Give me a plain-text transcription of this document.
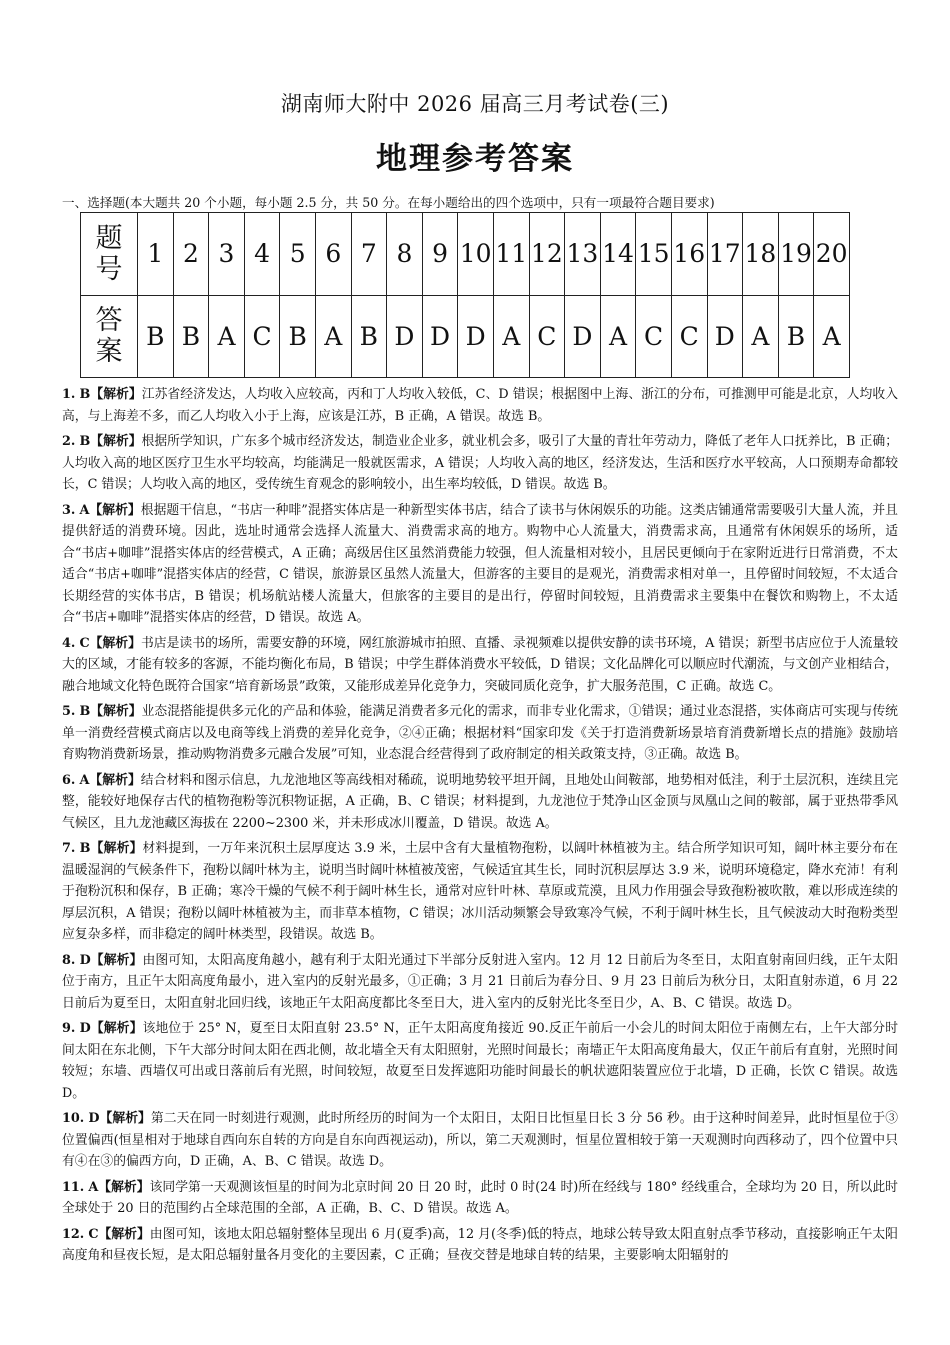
湖南师大附中 2026 届高三月考试卷(三)
地理参考答案
一、选择题(本大题共 20 个小题，每小题 2.5 分，共 50 分。在每小题给出的四个选项中，只有一项最符合题目要求)
题
号	1	2	3	4	5	6	7	8	9	10	11	12	13	14	15	16	17	18	19	20

答
案	B	B	A	C	B	A	B	D	D	D	A	C	D	A	C	C	D	A	B	A
1. B【解析】江苏省经济发达，人均收入应较高，丙和丁人均收入较低，C、D 错误；根据图中上海、浙江的分布，可推测甲可能是北京，人均收入高，与上海差不多，而乙人均收入小于上海，应该是江苏，B 正确，A 错误。故选 B。
2. B【解析】根据所学知识，广东多个城市经济发达，制造业企业多，就业机会多，吸引了大量的青壮年劳动力，降低了老年人口抚养比，B 正确；人均收入高的地区医疗卫生水平均较高，均能满足一般就医需求，A 错误；人均收入高的地区，经济发达，生活和医疗水平较高，人口预期寿命都较长，C 错误；人均收入高的地区，受传统生育观念的影响较小，出生率均较低，D 错误。故选 B。
3. A【解析】根据题干信息，“书店一种啡”混搭实体店是一种新型实体书店，结合了读书与休闲娱乐的功能。这类店铺通常需要吸引大量人流，并且提供舒适的消费环境。因此，选址时通常会选择人流量大、消费需求高的地方。购物中心人流量大，消费需求高，且通常有休闲娱乐的场所，适合“书店+咖啡”混搭实体店的经营模式，A 正确；高级居住区虽然消费能力较强，但人流量相对较小，且居民更倾向于在家附近进行日常消费，不太适合“书店+咖啡”混搭实体店的经营，C 错误，旅游景区虽然人流量大，但游客的主要目的是观光，消费需求相对单一，且停留时间较短，不太适合长期经营的实体书店，B 错误；机场航站楼人流量大，但旅客的主要目的是出行，停留时间较短，且消费需求主要集中在餐饮和购物上，不太适合“书店+咖啡”混搭实体店的经营，D 错误。故选 A。
4. C【解析】书店是读书的场所，需要安静的环境，网红旅游城市拍照、直播、录视频难以提供安静的读书环境，A 错误；新型书店应位于人流量较大的区域，才能有较多的客源，不能均衡化布局，B 错误；中学生群体消费水平较低，D 错误；文化品牌化可以顺应时代潮流，与文创产业相结合，融合地域文化特色既符合国家“培育新场景”政策，又能形成差异化竞争力，突破同质化竞争，扩大服务范围，C 正确。故选 C。
5. B【解析】业态混搭能提供多元化的产品和体验，能满足消费者多元化的需求，而非专业化需求，①错误；通过业态混搭，实体商店可实现与传统单一消费经营模式商店以及电商等线上消费的差异化竞争，②④正确；根据材料“国家印发《关于打造消费新场景培育消费新增长点的措施》鼓励培育购物消费新场景，推动购物消费多元融合发展”可知，业态混合经营得到了政府制定的相关政策支持，③正确。故选 B。
6. A【解析】结合材料和图示信息，九龙池地区等高线相对稀疏，说明地势较平坦开阔，且地处山间鞍部，地势相对低洼，利于土层沉积，连续且完整，能较好地保存古代的植物孢粉等沉积物证据，A 正确，B、C 错误；材料提到，九龙池位于梵净山区金顶与凤凰山之间的鞍部，属于亚热带季风气候区，且九龙池藏区海拔在 2200~2300 米，并未形成冰川覆盖，D 错误。故选 A。
7. B【解析】材料提到，一万年来沉积土层厚度达 3.9 米，土层中含有大量植物孢粉，以阔叶林植被为主。结合所学知识可知，阔叶林主要分布在温暖湿润的气候条件下，孢粉以阔叶林为主，说明当时阔叶林植被茂密，气候适宜其生长，同时沉积层厚达 3.9 米，说明环境稳定，降水充沛！有利于孢粉沉积和保存，B 正确；寒冷干燥的气候不利于阔叶林生长，通常对应针叶林、草原或荒漠，且风力作用强会导致孢粉被吹散，难以形成连续的厚层沉积，A 错误；孢粉以阔叶林植被为主，而非草本植物，C 错误；冰川活动频繁会导致寒冷气候，不利于阔叶林生长，且气候波动大时孢粉类型应复杂多样，而非稳定的阔叶林类型，段错误。故选 B。
8. D【解析】由图可知，太阳高度角越小，越有利于太阳光通过下半部分反射进入室内。12 月 12 日前后为冬至日，太阳直射南回归线，正午太阳位于南方，且正午太阳高度角最小，进入室内的反射光最多，①正确；3 月 21 日前后为春分日、9 月 23 日前后为秋分日，太阳直射赤道，6 月 22 日前后为夏至日，太阳直射北回归线，该地正午太阳高度都比冬至日大，进入室内的反射光比冬至日少，A、B、C 错误。故选 D。
9. D【解析】该地位于 25° N，夏至日太阳直射 23.5° N，正午太阳高度角接近 90.反正午前后一小会儿的时间太阳位于南侧左右，上午大部分时间太阳在东北侧，下午大部分时间太阳在西北侧，故北墙全天有太阳照射，光照时间最长；南墙正午太阳高度角最大，仅正午前后有直射，光照时间较短；东墙、西墙仅可出或日落前后有光照，时间较短，故夏至日发挥遮阳功能时间最长的帆状遮阳装置应位于北墙，D 正确，长饮 C 错误。故选 D。
10. D【解析】第二天在同一时刻进行观测，此时所经历的时间为一个太阳日，太阳日比恒星日长 3 分 56 秒。由于这种时间差异，此时恒星位于③位置偏西(恒星相对于地球自西向东自转的方向是自东向西视运动)，所以，第二天观测时，恒星位置相较于第一天观测时向西移动了，四个位置中只有④在③的偏西方向，D 正确，A、B、C 错误。故选 D。
11. A【解析】该同学第一天观测该恒星的时间为北京时间 20 日 20 时，此时 0 时(24 时)所在经线与 180° 经线重合，全球均为 20 日，所以此时全球处于 20 日的范围约占全球范围的全部，A 正确，B、C、D 错误。故选 A。
12. C【解析】由图可知，该地太阳总辐射整体呈现出 6 月(夏季)高，12 月(冬季)低的特点，地球公转导致太阳直射点季节移动，直接影响正午太阳高度角和昼夜长短，是太阳总辐射量各月变化的主要因素，C 正确；昼夜交替是地球自转的结果，主要影响太阳辐射的
